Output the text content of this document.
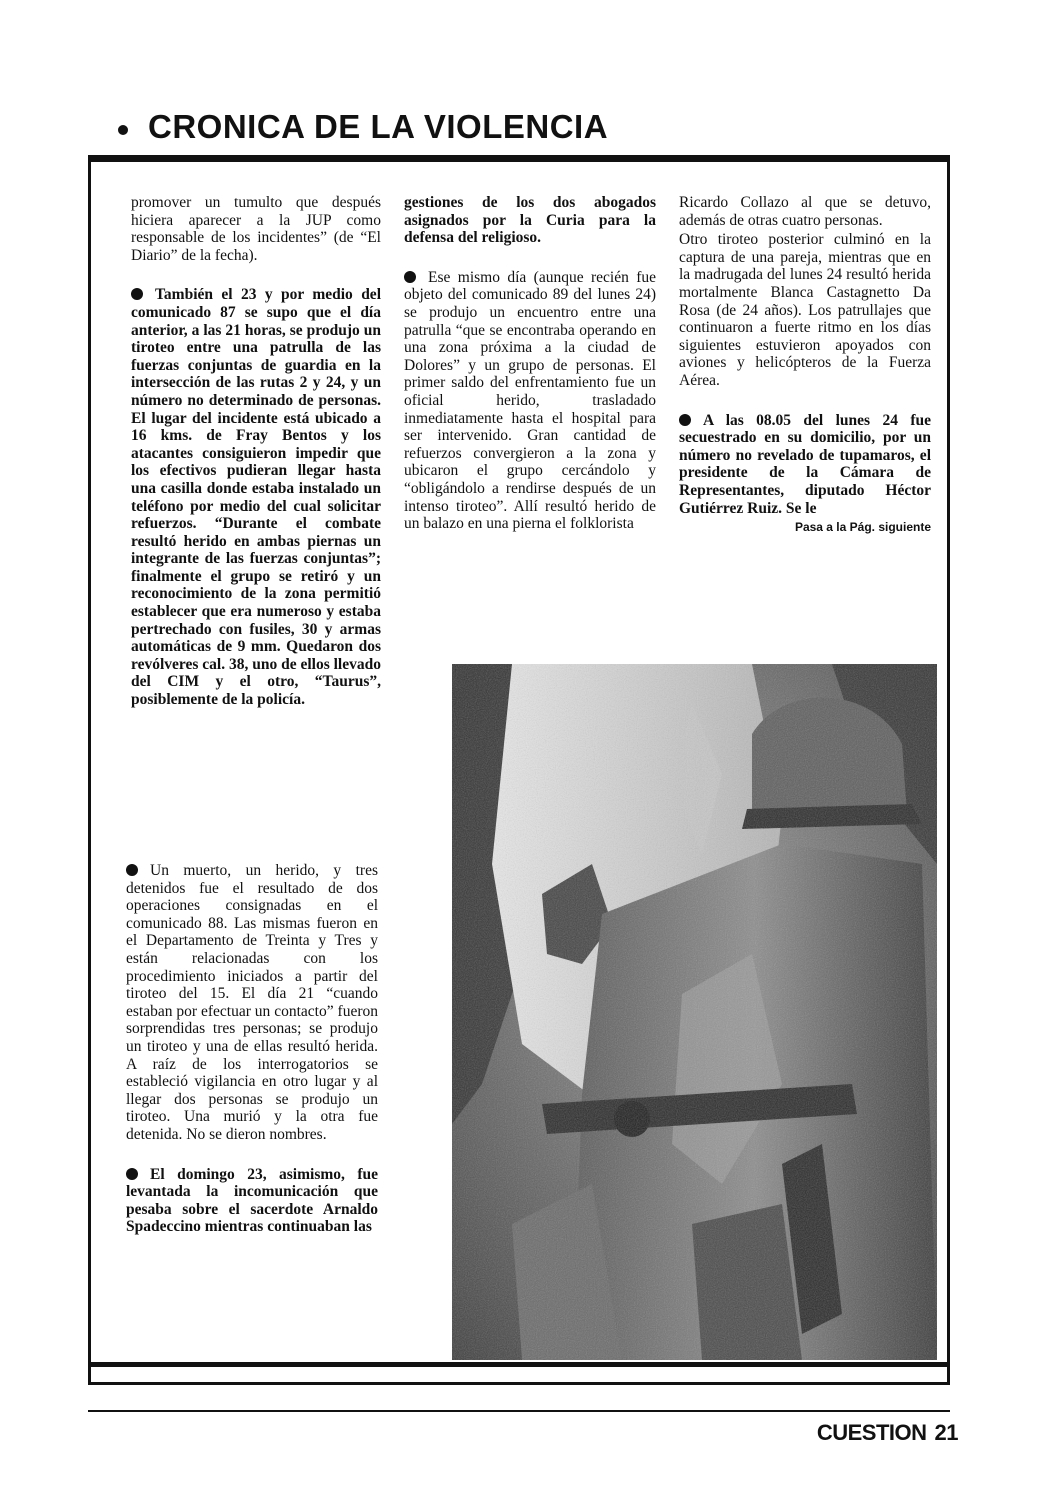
CRONICA DE LA VIOLENCIA

promover un tumulto que después hiciera aparecer a la JUP como responsable de los incidentes” (de “El Diario” de la fecha).

También el 23 y por medio del comunicado 87 se supo que el día anterior, a las 21 horas, se produjo un tiroteo entre una patrulla de las fuerzas conjuntas de guardia en la intersección de las rutas 2 y 24, y un número no determinado de personas. El lugar del incidente está ubicado a 16 kms. de Fray Bentos y los atacantes consiguieron impedir que los efectivos pudieran llegar hasta una casilla donde estaba instalado un teléfono por medio del cual solicitar refuerzos. “Durante el combate resultó herido en ambas piernas un integrante de las fuerzas conjuntas”; finalmente el grupo se retiró y un reconocimiento de la zona permitió establecer que era numeroso y estaba pertrechado con fusiles, 30 y armas automáticas de 9 mm. Quedaron dos revólveres cal. 38, uno de ellos llevado del CIM y el otro, “Taurus”, posiblemente de la policía.

Un muerto, un herido, y tres detenidos fue el resultado de dos operaciones consignadas en el comunicado 88. Las mismas fueron en el Departamento de Treinta y Tres y están relacionadas con los procedimiento iniciados a partir del tiroteo del 15. El día 21 “cuando estaban por efectuar un contacto” fueron sorprendidas tres personas; se produjo un tiroteo y una de ellas resultó herida. A raíz de los interrogatorios se estableció vigilancia en otro lugar y al llegar dos personas se produjo un tiroteo. Una murió y la otra fue detenida. No se dieron nombres.

El domingo 23, asimismo, fue levantada la incomunicación que pesaba sobre el sacerdote Arnaldo Spadeccino mientras continuaban las

gestiones de los dos abogados asignados por la Curia para la defensa del religioso.

Ese mismo día (aunque recién fue objeto del comunicado 89 del lunes 24) se produjo un encuentro entre una patrulla “que se encontraba operando en una zona próxima a la ciudad de Dolores” y un grupo de personas. El primer saldo del enfrentamiento fue un oficial herido, trasladado inmediatamente hasta el hospital para ser intervenido. Gran cantidad de refuerzos convergieron a la zona y ubicaron el grupo cercándolo y “obligándolo a rendirse después de un intenso tiroteo”. Allí resultó herido de un balazo en una pierna el folklorista

Ricardo Collazo al que se detuvo, además de otras cuatro personas.

Otro tiroteo posterior culminó en la captura de una pareja, mientras que en la madrugada del lunes 24 resultó herida mortalmente Blanca Castagnetto Da Rosa (de 24 años). Los patrullajes que continuaron a fuerte ritmo en los días siguientes estuvieron apoyados con aviones y helicópteros de la Fuerza Aérea.

A las 08.05 del lunes 24 fue secuestrado en su domicilio, por un número no revelado de tupamaros, el presidente de la Cámara de Representantes, diputado Héctor Gutiérrez Ruiz. Se le

Pasa a la Pág. siguiente
CUESTION 21
